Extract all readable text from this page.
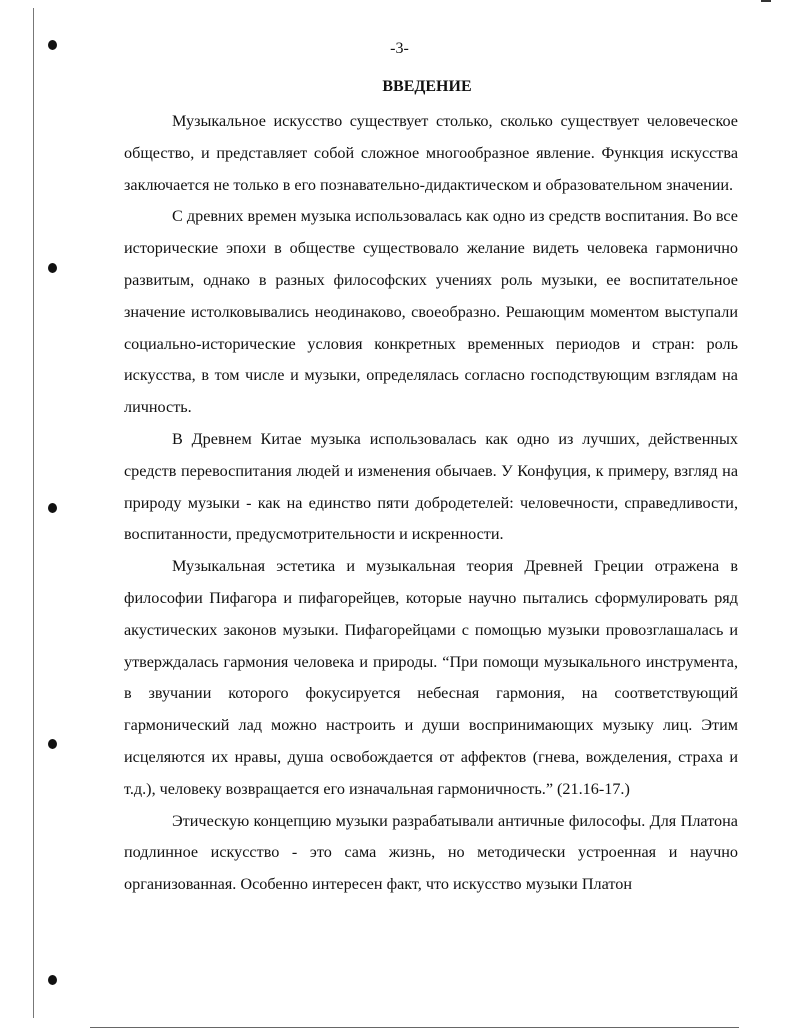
-3-
ВВЕДЕНИЕ

Музыкальное искусство существует столько, сколько существует человеческое общество, и представляет собой сложное многообразное явление. Функция искусства заключается не только в его познавательно-дидактическом и образовательном значении.

С древних времен музыка использовалась как одно из средств воспитания. Во все исторические эпохи в обществе существовало желание видеть человека гармонично развитым, однако в разных философских учениях роль музыки, ее воспитательное значение истолковывались неодинаково, своеобразно. Решающим моментом выступали социально-исторические условия конкретных временных периодов и стран: роль искусства, в том числе и музыки, определялась согласно господствующим взглядам на личность.

В Древнем Китае музыка использовалась как одно из лучших, действенных средств перевоспитания людей и изменения обычаев. У Конфуция, к примеру, взгляд на природу музыки - как на единство пяти добродетелей: человечности, справедливости, воспитанности, предусмотрительности и искренности.

Музыкальная эстетика и музыкальная теория Древней Греции отражена в философии Пифагора и пифагорейцев, которые научно пытались сформулировать ряд акустических законов музыки. Пифагорейцами с помощью музыки провозглашалась и утверждалась гармония человека и природы. “При помощи музыкального инструмента, в звучании которого фокусируется небесная гармония, на соответствующий гармонический лад можно настроить и души воспринимающих музыку лиц. Этим исцеляются их нравы, душа освобождается от аффектов (гнева, вожделения, страха и т.д.), человеку возвращается его изначальная гармоничность.” (21.16-17.)

Этическую концепцию музыки разрабатывали античные философы. Для Платона подлинное искусство - это сама жизнь, но методически устроенная и научно организованная. Особенно интересен факт, что искусство музыки Платон
